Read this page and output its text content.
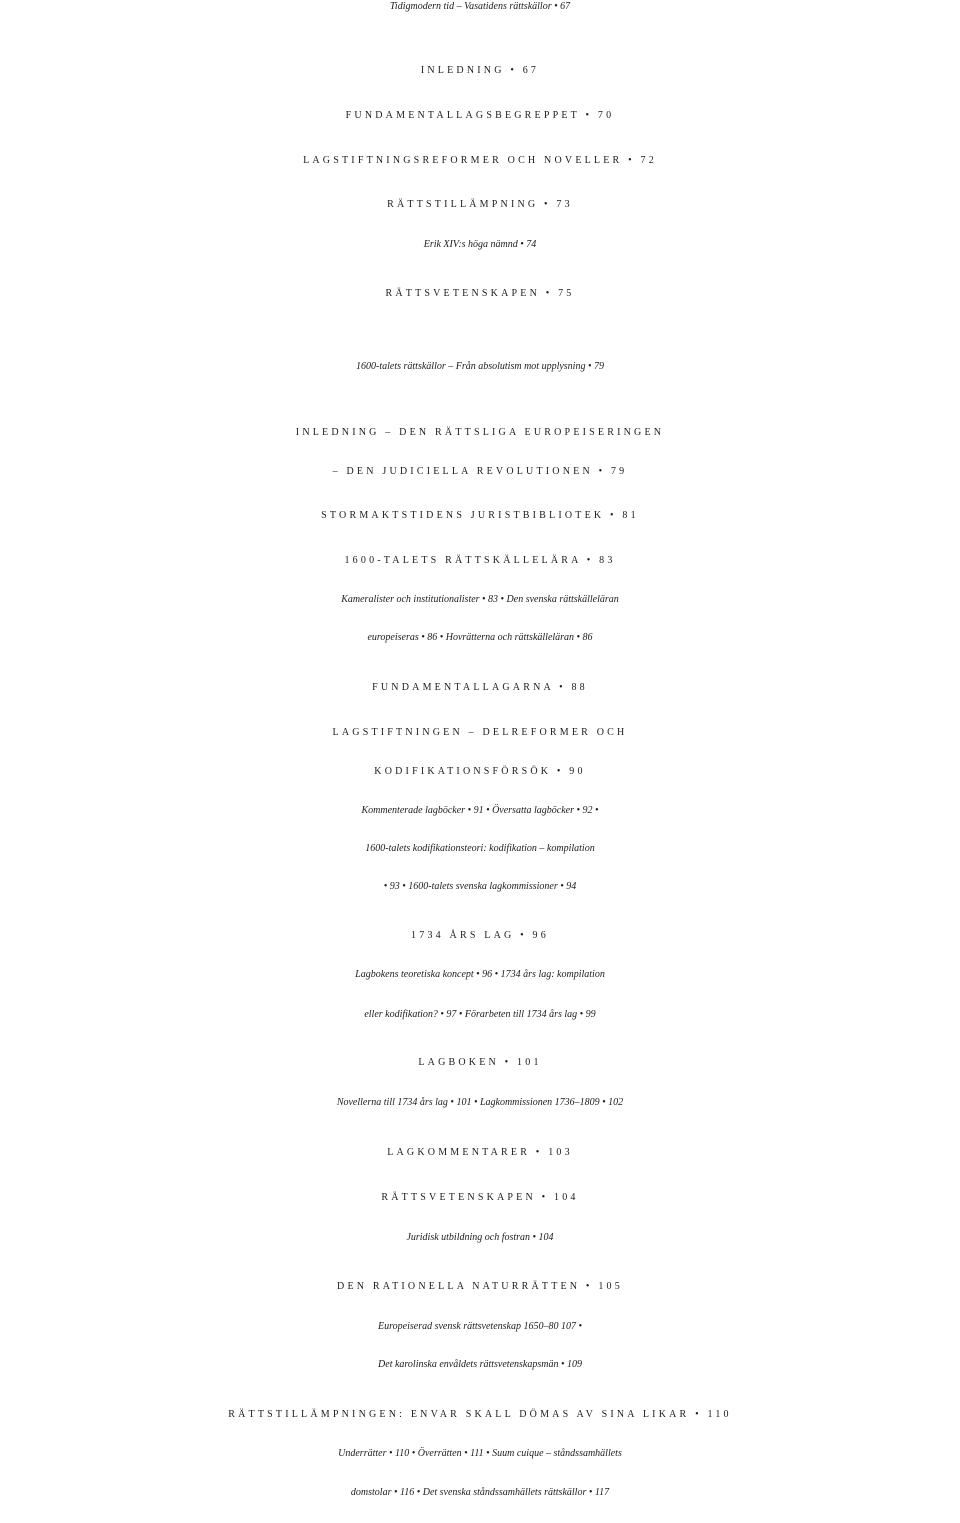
Tidigmodern tid – Vasatidens rättskällor • 67
INLEDNING • 67
FUNDAMENTALLAGSBEGREPPET • 70
LAGSTIFTNINGSREFORMER OCH NOVELLER • 72
RÄTTSTILLÄMPNING • 73
Erik XIV:s höga nämnd • 74
RÄTTSVETENSKAPEN • 75
1600-talets rättskällor – Från absolutism mot upplysning • 79
INLEDNING – DEN RÄTTSLIGA EUROPEISERINGEN
– DEN JUDICIELLA REVOLUTIONEN • 79
STORMAKTSTIDENS JURISTBIBLIOTEK • 81
1600-TALETS RÄTTSKÄLLELÄRA • 83
Kameralister och institutionalister • 83 • Den svenska rättskälleläran
europeiseras • 86 • Hovrätterna och rättskälleläran • 86
FUNDAMENTALLAGARNA • 88
LAGSTIFTNINGEN – DELREFORMER OCH
KODIFIKATIONSFÖRSÖK • 90
Kommenterade lagböcker • 91 • Översatta lagböcker • 92 •
1600-talets kodifikationsteori: kodifikation – kompilation
• 93 • 1600-talets svenska lagkommissioner • 94
1734 ÅRS LAG • 96
Lagbokens teoretiska koncept • 96 • 1734 års lag: kompilation
eller kodifikation? • 97 • Förarbeten till 1734 års lag • 99
LAGBOKEN • 101
Novellerna till 1734 års lag • 101 • Lagkommissionen 1736–1809 • 102
LAGKOMMENTARER • 103
RÄTTSVETENSKAPEN • 104
Juridisk utbildning och fostran • 104
DEN RATIONELLA NATURRÄTTEN • 105
Europeiserad svensk rättsvetenskap 1650–80 107 •
Det karolinska envåldets rättsvetenskapsmän • 109
RÄTTSTILLÄMPNINGEN: ENVAR SKALL DÖMAS AV SINA LIKAR • 110
Underrätter • 110 • Överrätten • 111 • Suum cuique – ståndssamhällets
domstolar • 116 • Det svenska ståndssamhällets rättskällor • 117
